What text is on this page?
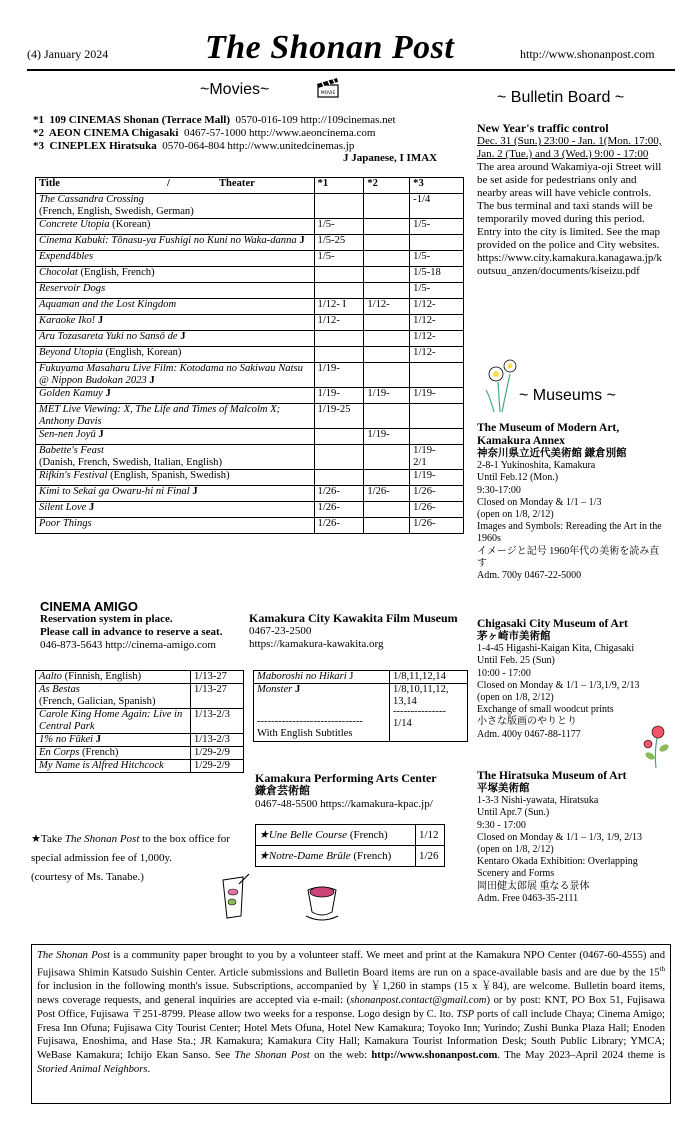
(4) January 2024	The Shonan Post	http://www.shonanpost.com
~Movies~	MOVIE
*1 109 CINEMAS Shonan (Terrace Mall) 0570-016-109 http://109cinemas.net
*2 AEON CINEMA Chigasaki 0467-57-1000 http://www.aeoncinema.com
*3 CINEPLEX Hiratsuka 0570-064-804 http://www.unitedcinemas.jp
J Japanese, I IMAX
Title / Theater	*1	*2	*3
The Cassandra Crossing
(French, English, Swedish, German)			-1/4
Concrete Utopia (Korean)	1/5-		1/5-
Cinema Kabuki: Tōnasu-ya Fushigi no Kuni no Waka-danna J	1/5-25		
Expend4bles	1/5-		1/5-
Chocolat (English, French)			1/5-18
Reservoir Dogs			1/5-
Aquaman and the Lost Kingdom	1/12- I	1/12-	1/12-
Karaoke Iko! J	1/12-		1/12-
Aru Tozasareta Yuki no Sansō de J			1/12-
Beyond Utopia (English, Korean)			1/12-
Fukuyama Masaharu Live Film: Kotodama no Sakiwau Natsu @ Nippon Budokan 2023 J	1/19-		
Golden Kamuy J	1/19-	1/19-	1/19-
MET Live Viewing: X, The Life and Times of Malcolm X; Anthony Davis	1/19-25		
Sen-nen Joyū J		1/19-	
Babette's Feast
(Danish, French, Swedish, Italian, English)			1/19-
2/1
Rifkin's Festival (English, Spanish, Swedish)			1/19-
Kimi to Sekai ga Owaru-hi ni Final J	1/26-	1/26-	1/26-
Silent Love J	1/26-		1/26-
Poor Things	1/26-		1/26-
CINEMA AMIGO
Reservation system in place.
Please call in advance to reserve a seat.
046-873-5643 http://cinema-amigo.com
Kamakura City Kawakita Film Museum
0467-23-2500
https://kamakura-kawakita.org
Aalto (Finnish, English)	1/13-27
As Bestas
(French, Galician, Spanish)	1/13-27
Carole King Home Again: Live in Central Park	1/13-2/3
1% no Fūkei J	1/13-2/3
En Corps (French)	1/29-2/9
My Name is Alfred Hitchcock	1/29-2/9
Maboroshi no Hikari J	1/8,11,12,14
Monster J

------------------------------
With English Subtitles	1/8,10,11,12,
13,14

---------------
1/14
Kamakura Performing Arts Center
鎌倉芸術館
0467-48-5500 https://kamakura-kpac.jp/
★Une Belle Course (French)	1/12
★Notre-Dame Brûle (French)	1/26
★Take The Shonan Post to the box office for special admission fee of 1,000y.
(courtesy of Ms. Tanabe.)
~ Bulletin Board ~
New Year's traffic control
Dec. 31 (Sun.) 23:00 - Jan. 1(Mon. 17:00, Jan. 2 (Tue.) and 3 (Wed.) 9:00 - 17:00
The area around Wakamiya-oji Street will be set aside for pedestrians only and nearby areas will have vehicle controls. The bus terminal and taxi stands will be temporarily moved during this period. Entry into the city is limited. See the map provided on the police and City websites.
https://www.city.kamakura.kanagawa.jp/koutsuu_anzen/documents/kiseizu.pdf
~ Museums ~
The Museum of Modern Art, Kamakura Annex
神奈川県立近代美術館 鎌倉別館
2-8-1 Yukinoshita, Kamakura
Until Feb.12 (Mon.)
9:30-17:00
Closed on Monday & 1/1 – 1/3
(open on 1/8, 2/12)
Images and Symbols: Rereading the Art in the 1960s
イメージと記号 1960年代の美術を読み直す
Adm. 700y 0467-22-5000
Chigasaki City Museum of Art
茅ヶ崎市美術館
1-4-45 Higashi-Kaigan Kita, Chigasaki
Until Feb. 25 (Sun)
10:00 - 17:00
Closed on Monday & 1/1 – 1/3,1/9, 2/13
(open on 1/8, 2/12)
Exchange of small woodcut prints
小さな版画のやりとり
Adm. 400y 0467-88-1177
The Hiratsuka Museum of Art
平塚美術館
1-3-3 Nishi-yawata, Hiratsuka
Until Apr.7 (Sun.)
9:30 - 17:00
Closed on Monday & 1/1 – 1/3, 1/9, 2/13
(open on 1/8, 2/12)
Kentaro Okada Exhibition: Overlapping Scenery and Forms
岡田健太郎展 重なる景体
Adm. Free 0463-35-2111
The Shonan Post is a community paper brought to you by a volunteer staff. We meet and print at the Kamakura NPO Center (0467-60-4555) and Fujisawa Shimin Katsudo Suishin Center. Article submissions and Bulletin Board items are run on a space-available basis and are due by the 15th for inclusion in the following month's issue. Subscriptions, accompanied by ￥1,260 in stamps (15 x ￥84), are welcome. Bulletin board items, news coverage requests, and general inquiries are accepted via e-mail: (shonanpost.contact@gmail.com) or by post: KNT, PO Box 51, Fujisawa Post Office, Fujisawa 〒251-8799. Please allow two weeks for a response. Logo design by C. Ito. TSP ports of call include Chaya; Cinema Amigo; Fresa Inn Ofuna; Fujisawa City Tourist Center; Hotel Mets Ofuna, Hotel New Kamakura; Toyoko Inn; Yurindo; Zushi Bunka Plaza Hall; Enoden Fujisawa, Enoshima, and Hase Sta.; JR Kamakura; Kamakura City Hall; Kamakura Tourist Information Desk; South Public Library; YMCA; WeBase Kamakura; Ichijo Ekan Sanso. See The Shonan Post on the web: http://www.shonanpost.com. The May 2023–April 2024 theme is Storied Animal Neighbors.
